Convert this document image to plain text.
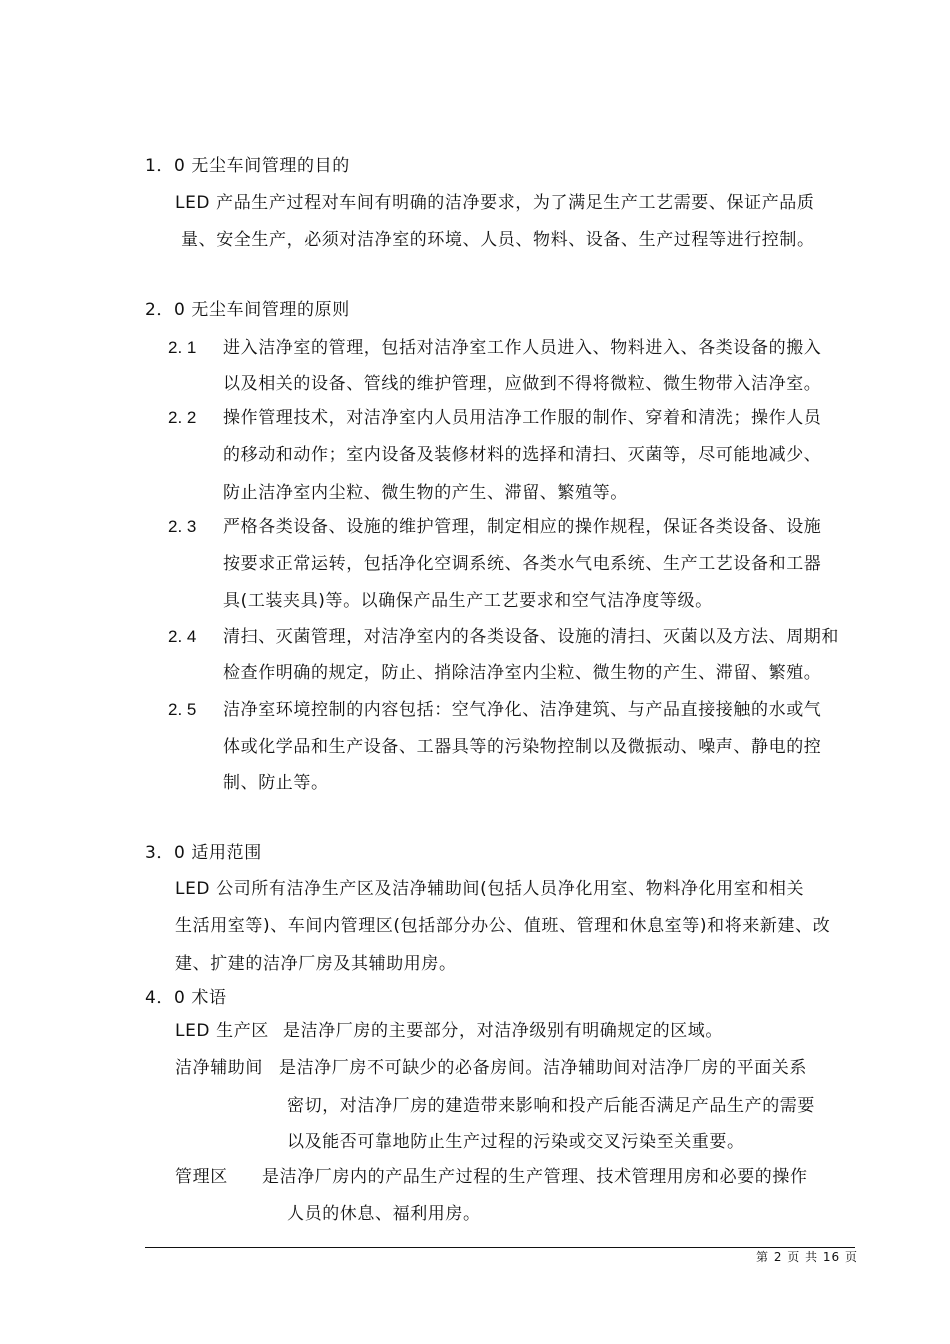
1．0 无尘车间管理的目的
LED 产品生产过程对车间有明确的洁净要求，为了满足生产工艺需要、保证产品质
量、安全生产，必须对洁净室的环境、人员、物料、设备、生产过程等进行控制。
2．0 无尘车间管理的原则
2. 1 进入洁净室的管理，包括对洁净室工作人员进入、物料进入、各类设备的搬入
以及相关的设备、管线的维护管理，应做到不得将微粒、微生物带入洁净室。
2. 2 操作管理技术，对洁净室内人员用洁净工作服的制作、穿着和清洗；操作人员
的移动和动作；室内设备及装修材料的选择和清扫、灭菌等，尽可能地减少、
防止洁净室内尘粒、微生物的产生、滞留、繁殖等。
2. 3 严格各类设备、设施的维护管理，制定相应的操作规程，保证各类设备、设施
按要求正常运转，包括净化空调系统、各类水气电系统、生产工艺设备和工器
具(工装夹具)等。以确保产品生产工艺要求和空气洁净度等级。
2. 4 清扫、灭菌管理，对洁净室内的各类设备、设施的清扫、灭菌以及方法、周期和
检查作明确的规定，防止、捎除洁净室内尘粒、微生物的产生、滞留、繁殖。
2. 5 洁净室环境控制的内容包括：空气净化、洁净建筑、与产品直接接触的水或气
体或化学品和生产设备、工器具等的污染物控制以及微振动、噪声、静电的控
制、防止等。
3．0 适用范围
LED 公司所有洁净生产区及洁净辅助间(包括人员净化用室、物料净化用室和相关
生活用室等)、车间内管理区(包括部分办公、值班、管理和休息室等)和将来新建、改
建、扩建的洁净厂房及其辅助用房。
4．0 术语
LED 生产区 是洁净厂房的主要部分，对洁净级别有明确规定的区域。
洁净辅助间 是洁净厂房不可缺少的必备房间。洁净辅助间对洁净厂房的平面关系
密切，对洁净厂房的建造带来影响和投产后能否满足产品生产的需要
以及能否可靠地防止生产过程的污染或交叉污染至关重要。
管理区 是洁净厂房内的产品生产过程的生产管理、技术管理用房和必要的操作
人员的休息、福利用房。
第 2 页 共 16 页
